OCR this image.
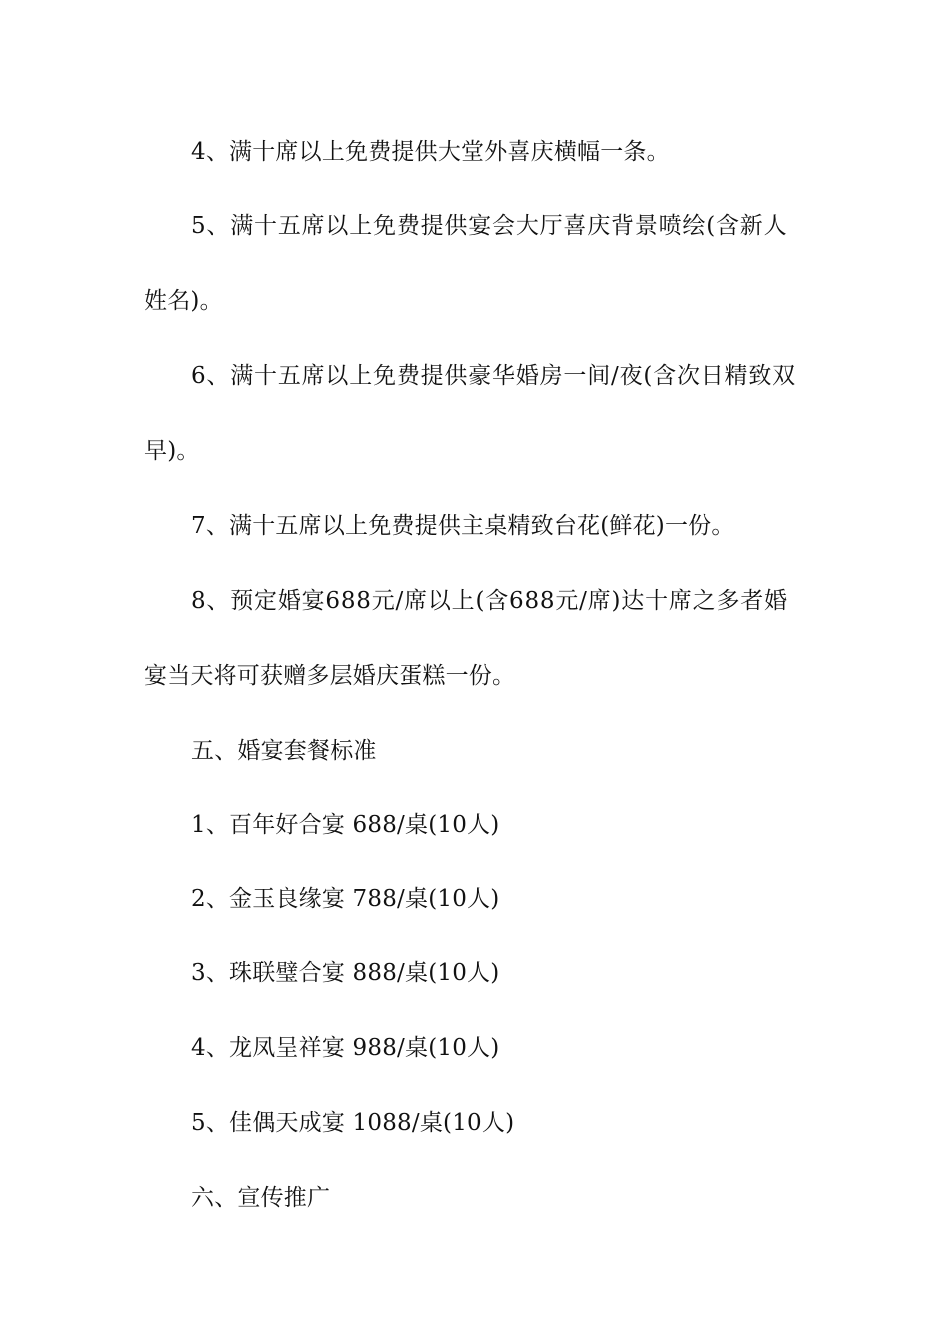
4、满十席以上免费提供大堂外喜庆横幅一条。
5、满十五席以上免费提供宴会大厅喜庆背景喷绘(含新人
姓名)。
6、满十五席以上免费提供豪华婚房一间/夜(含次日精致双
早)。
7、满十五席以上免费提供主桌精致台花(鲜花)一份。
8、预定婚宴688元/席以上(含688元/席)达十席之多者婚
宴当天将可获赠多层婚庆蛋糕一份。
五、婚宴套餐标准
1、百年好合宴 688/桌(10人)
2、金玉良缘宴 788/桌(10人)
3、珠联璧合宴 888/桌(10人)
4、龙凤呈祥宴 988/桌(10人)
5、佳偶天成宴 1088/桌(10人)
六、宣传推广
